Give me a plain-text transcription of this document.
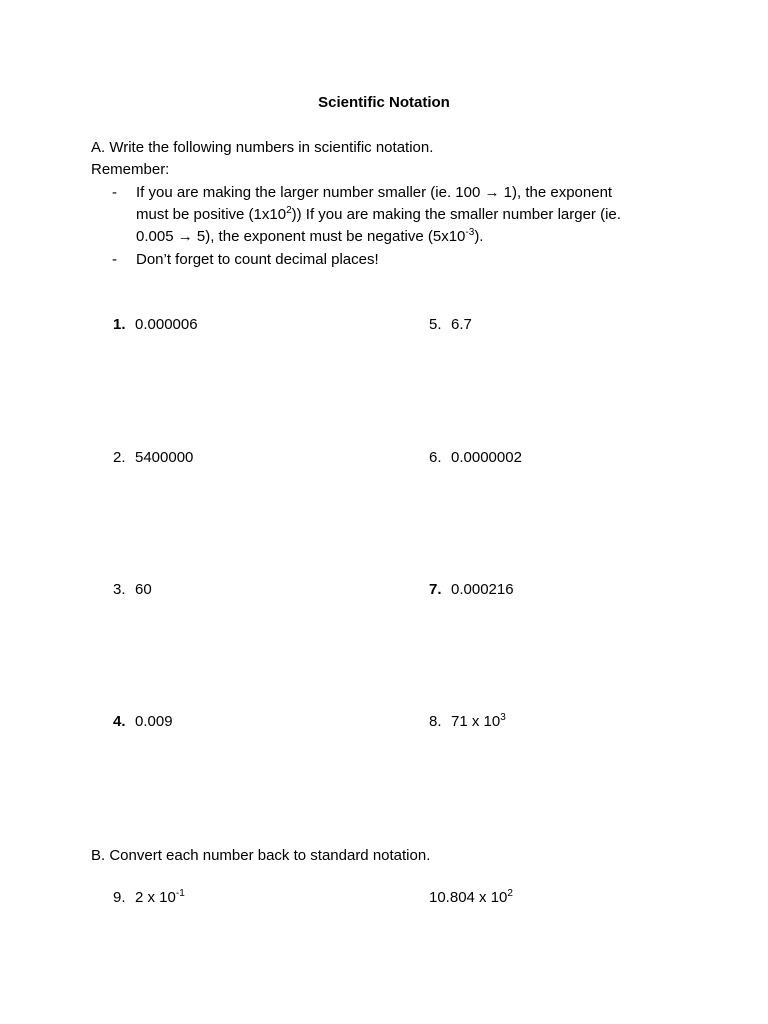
Scientific Notation
A. Write the following numbers in scientific notation.
Remember:
- If you are making the larger number smaller (ie. 100 → 1), the exponent
must be positive $(1x10^2)$) If you are making the smaller number larger (ie.
0.005 → 5), the exponent must be negative $(5x10^{-3})$.
- Don’t forget to count decimal places!
1. 0.000006	5. 6.7
2. 5400000	6. 0.0000002
3. 60	7. 0.000216
4. 0.009	8. 71 x $10^3$
B. Convert each number back to standard notation.
9. 2 x $10^{-1}$	10.804 x $10^2$
